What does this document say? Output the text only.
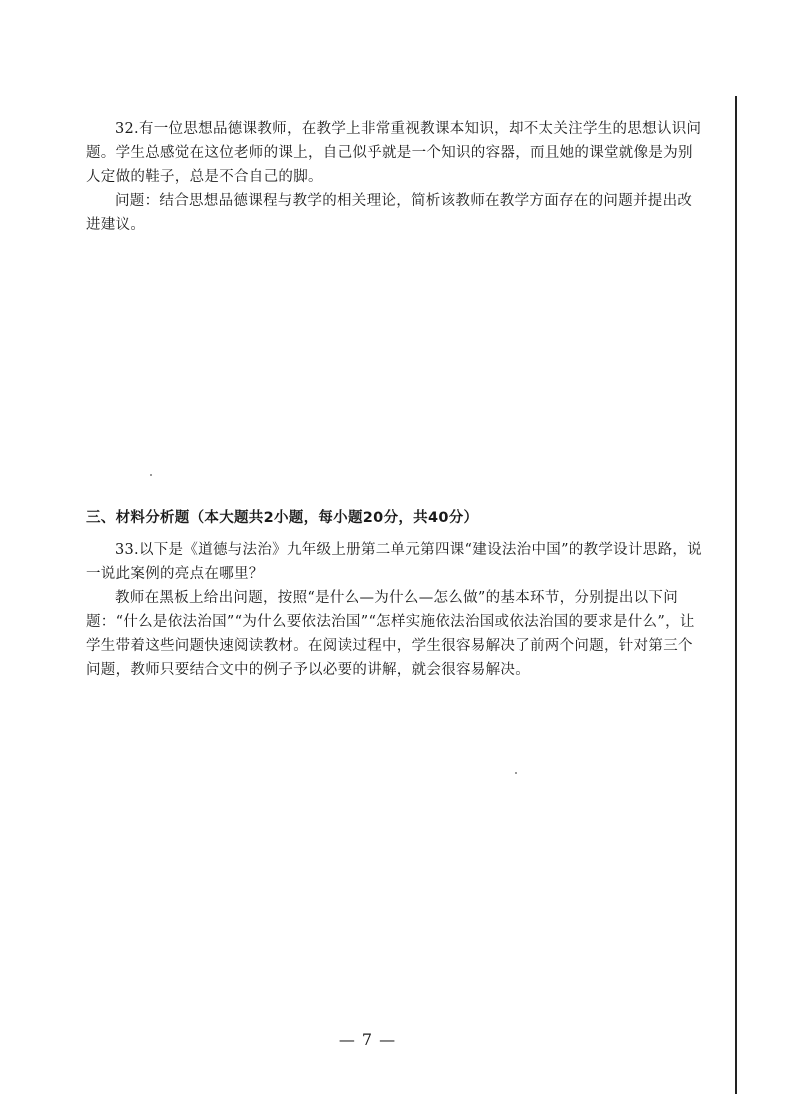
32.有一位思想品德课教师，在教学上非常重视教课本知识，却不太关注学生的思想认识问题。学生总感觉在这位老师的课上，自己似乎就是一个知识的容器，而且她的课堂就像是为别人定做的鞋子，总是不合自己的脚。

问题：结合思想品德课程与教学的相关理论，简析该教师在教学方面存在的问题并提出改进建议。

三、材料分析题（本大题共2小题，每小题20分，共40分）

33.以下是《道德与法治》九年级上册第二单元第四课“建设法治中国”的教学设计思路，说一说此案例的亮点在哪里？

教师在黑板上给出问题，按照“是什么—为什么—怎么做”的基本环节，分别提出以下问题：“什么是依法治国”“为什么要依法治国”“怎样实施依法治国或依法治国的要求是什么”，让学生带着这些问题快速阅读教材。在阅读过程中，学生很容易解决了前两个问题，针对第三个问题，教师只要结合文中的例子予以必要的讲解，就会很容易解决。

— 7 —
